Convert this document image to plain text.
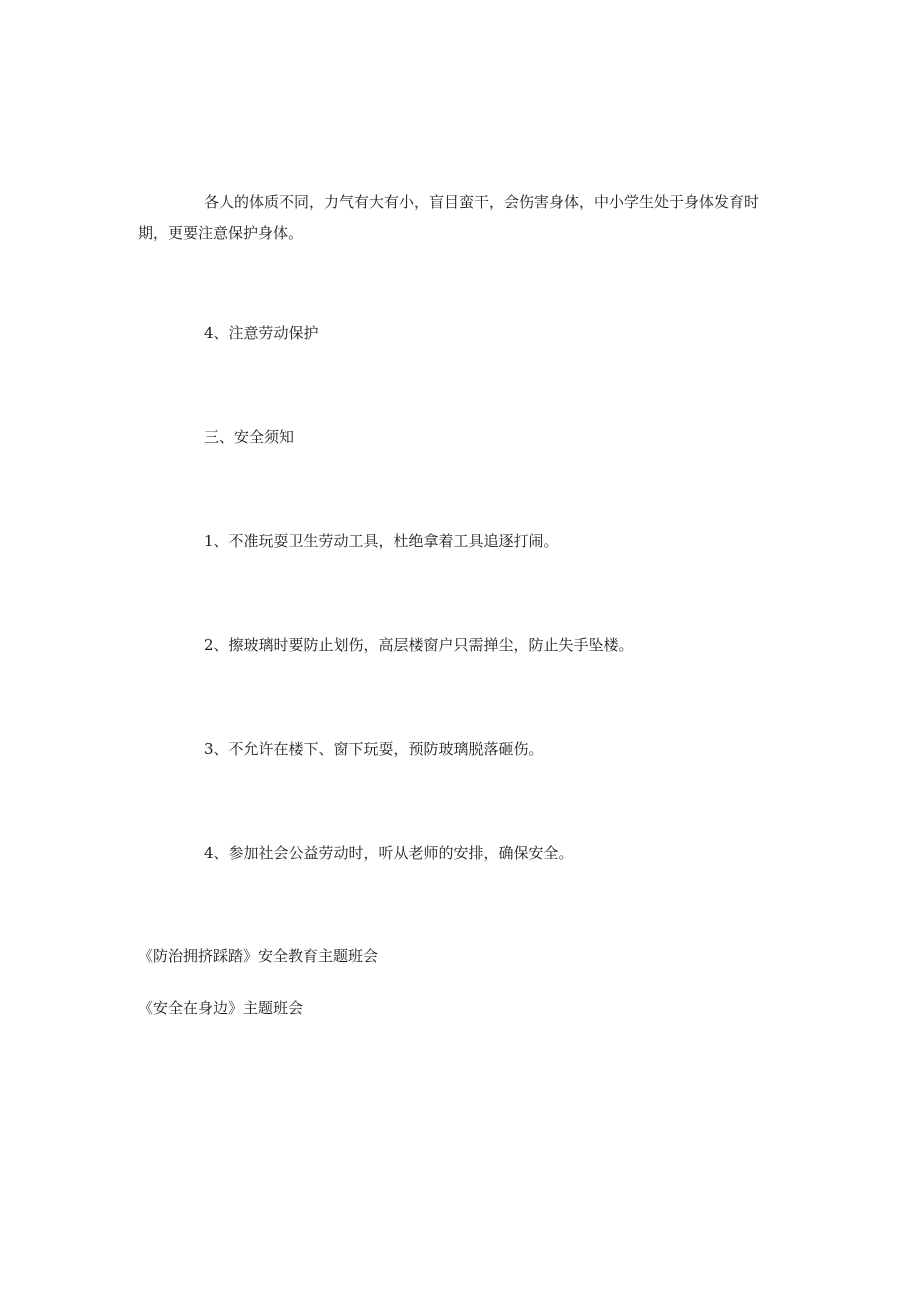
各人的体质不同，力气有大有小，盲目蛮干，会伤害身体，中小学生处于身体发育时期，更要注意保护身体。
4、注意劳动保护
三、安全须知
1、不准玩耍卫生劳动工具，杜绝拿着工具追逐打闹。
2、擦玻璃时要防止划伤，高层楼窗户只需掸尘，防止失手坠楼。
3、不允许在楼下、窗下玩耍，预防玻璃脱落砸伤。
4、参加社会公益劳动时，听从老师的安排，确保安全。
《防治拥挤踩踏》安全教育主题班会
《安全在身边》主题班会
